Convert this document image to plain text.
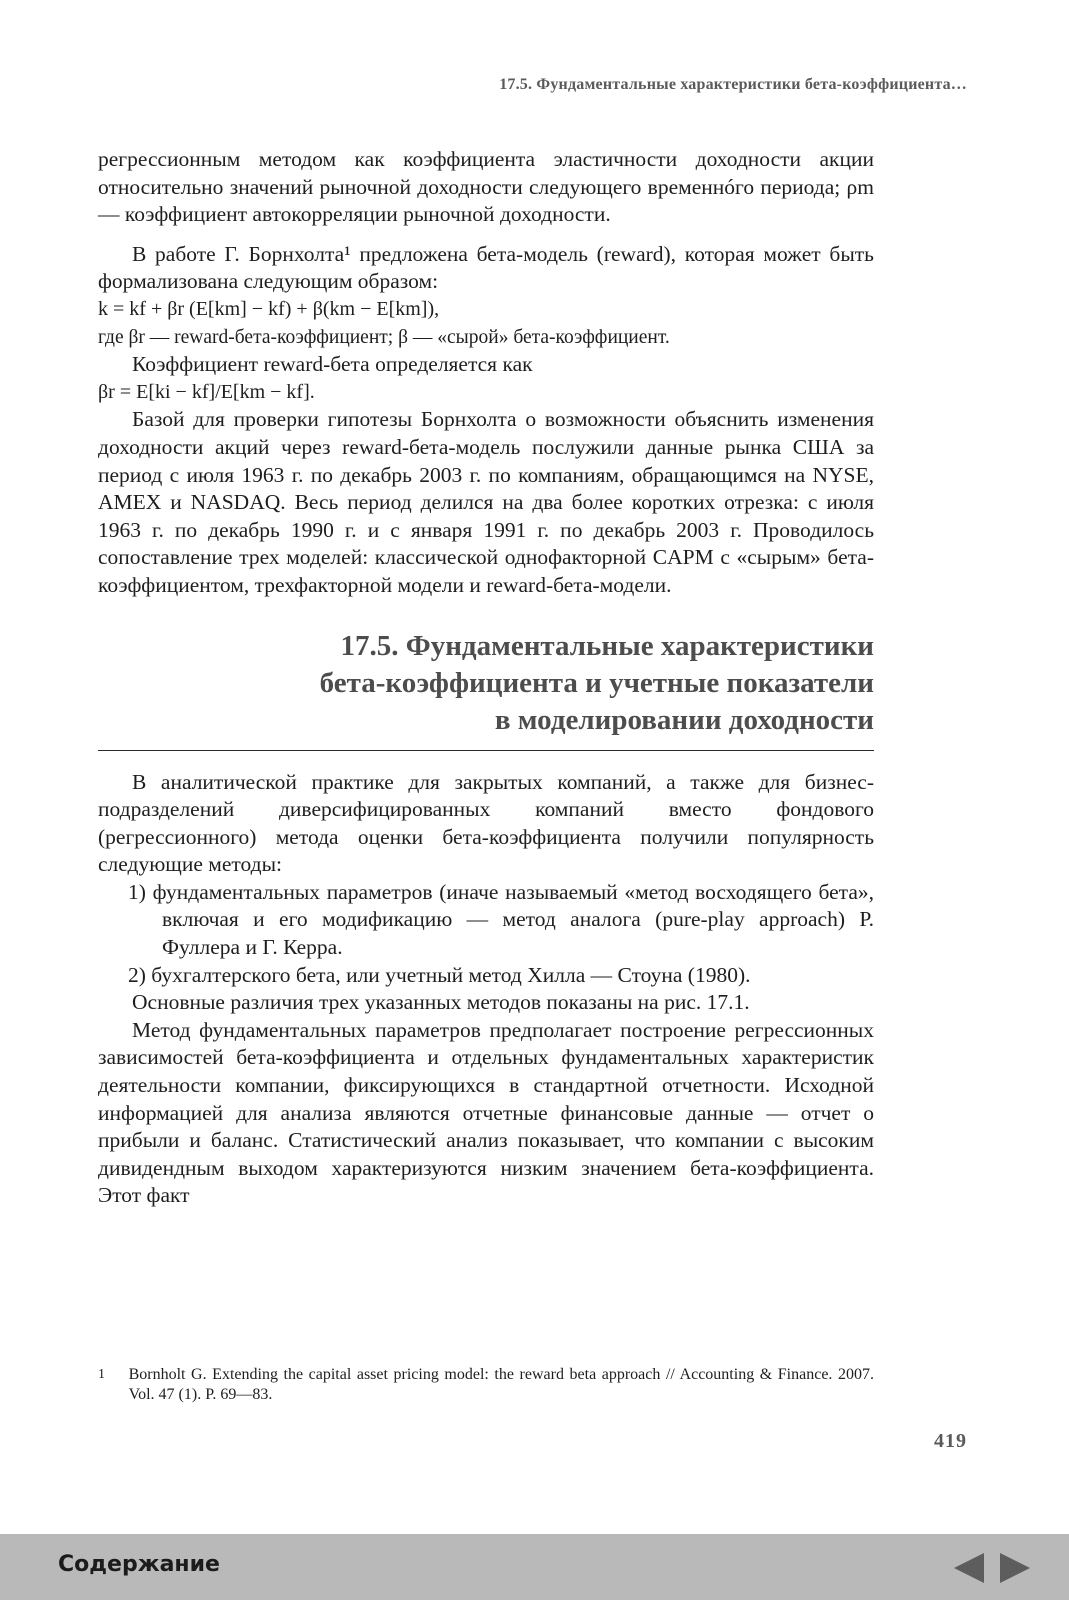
17.5. Фундаментальные характеристики бета-коэффициента…

регрессионным методом как коэффициента эластичности доходности акции относительно значений рыночной доходности следующего временнóго периода; ρm — коэффициент автокорреляции рыночной доходности.

В работе Г. Борнхолта¹ предложена бета-модель (reward), которая может быть формализована следующим образом:

k = kf + βr (E[km] − kf) + β(km − E[km]),

где βr — reward-бета-коэффициент; β — «сырой» бета-коэффициент.

Коэффициент reward-бета определяется как

βr = E[ki − kf]/E[km − kf].

Базой для проверки гипотезы Борнхолта о возможности объяснить изменения доходности акций через reward-бета-модель послужили данные рынка США за период с июля 1963 г. по декабрь 2003 г. по компаниям, обращающимся на NYSE, AMEX и NASDAQ. Весь период делился на два более коротких отрезка: с июля 1963 г. по декабрь 1990 г. и с января 1991 г. по декабрь 2003 г. Проводилось сопоставление трех моделей: классической однофакторной CAPM с «сырым» бета-коэффициентом, трехфакторной модели и reward-бета-модели.

17.5. Фундаментальные характеристики
бета-коэффициента и учетные показатели
в моделировании доходности

В аналитической практике для закрытых компаний, а также для бизнес-подразделений диверсифицированных компаний вместо фондового (регрессионного) метода оценки бета-коэффициента получили популярность следующие методы:

1) фундаментальных параметров (иначе называемый «метод восходящего бета», включая и его модификацию — метод аналога (pure-play approach) Р. Фуллера и Г. Керра.

2) бухгалтерского бета, или учетный метод Хилла — Стоуна (1980).

Основные различия трех указанных методов показаны на рис. 17.1.

Метод фундаментальных параметров предполагает построение регрессионных зависимостей бета-коэффициента и отдельных фундаментальных характеристик деятельности компании, фиксирующихся в стандартной отчетности. Исходной информацией для анализа являются отчетные финансовые данные — отчет о прибыли и баланс. Статистический анализ показывает, что компании с высоким дивидендным выходом характеризуются низким значением бета-коэффициента. Этот факт

1 Bornholt G. Extending the capital asset pricing model: the reward beta approach // Accounting & Finance. 2007. Vol. 47 (1). P. 69—83.
419
Содержание
